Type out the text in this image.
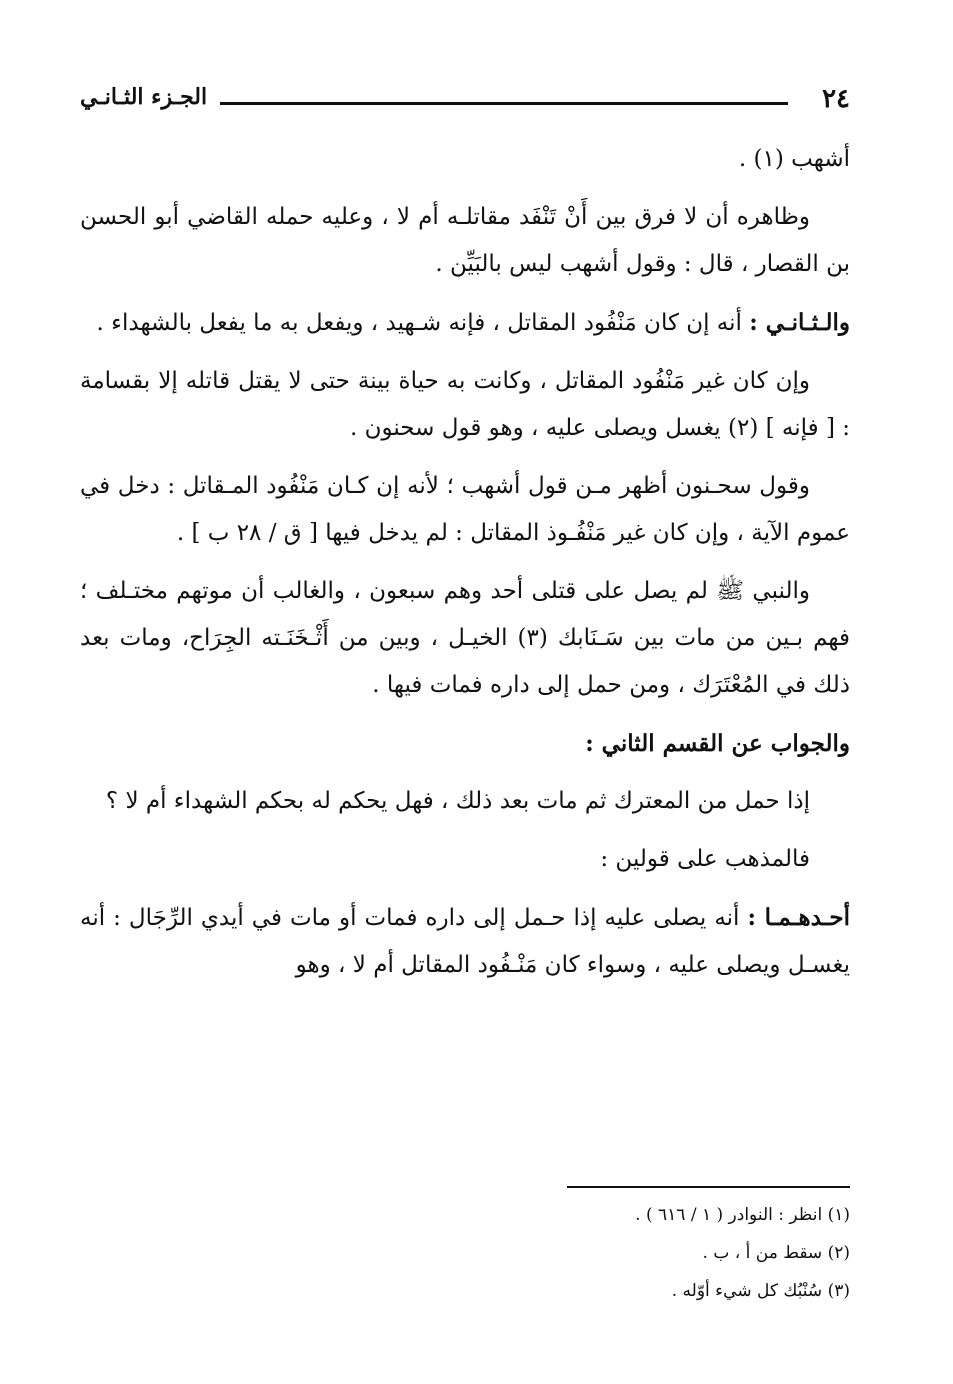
٢٤
الجـزء الثـانـي

أشهب (١) .

وظاهره أن لا فرق بين أَنْ تَنْفَد مقاتلـه أم لا ، وعليه حمله القاضي أبو الحسن بن القصار ، قال : وقول أشهب ليس بالبَيِّن .

والـثـانـي : أنه إن كان مَنْفُود المقاتل ، فإنه شـهيد ، ويفعل به ما يفعل بالشهداء .

وإن كان غير مَنْفُود المقاتل ، وكانت به حياة بينة حتى لا يقتل قاتله إلا بقسامة : [ فإنه ] (٢) يغسل ويصلى عليه ، وهو قول سحنون .

وقول سحـنون أظهر مـن قول أشهب ؛ لأنه إن كـان مَنْفُود المـقاتل : دخل في عموم الآية ، وإن كان غير مَنْفُـوذ المقاتل : لم يدخل فيها [ ق / ٢٨ ب ] .

والنبي ﷺ لم يصل على قتلى أحد وهم سبعون ، والغالب أن موتهم مختـلف ؛ فهم بـين من مات بين سَـنَابك (٣) الخيـل ، وبين من أَثْـخَنَـته الجِرَاح، ومات بعد ذلك في المُعْتَرَك ، ومن حمل إلى داره فمات فيها .

والجواب عن القسم الثاني :

إذا حمل من المعترك ثم مات بعد ذلك ، فهل يحكم له بحكم الشهداء أم لا ؟

فالمذهب على قولين :

أحـدهـمـا : أنه يصلى عليه إذا حـمل إلى داره فمات أو مات في أيدي الرِّجَال : أنه يغسـل ويصلى عليه ، وسواء كان مَنْـفُود المقاتل أم لا ، وهو

(١) انظر : النوادر ( ١ / ٦١٦ ) .
(٢) سقط من أ ، ب .
(٣) سُنْبُك كل شيء أوّله .
